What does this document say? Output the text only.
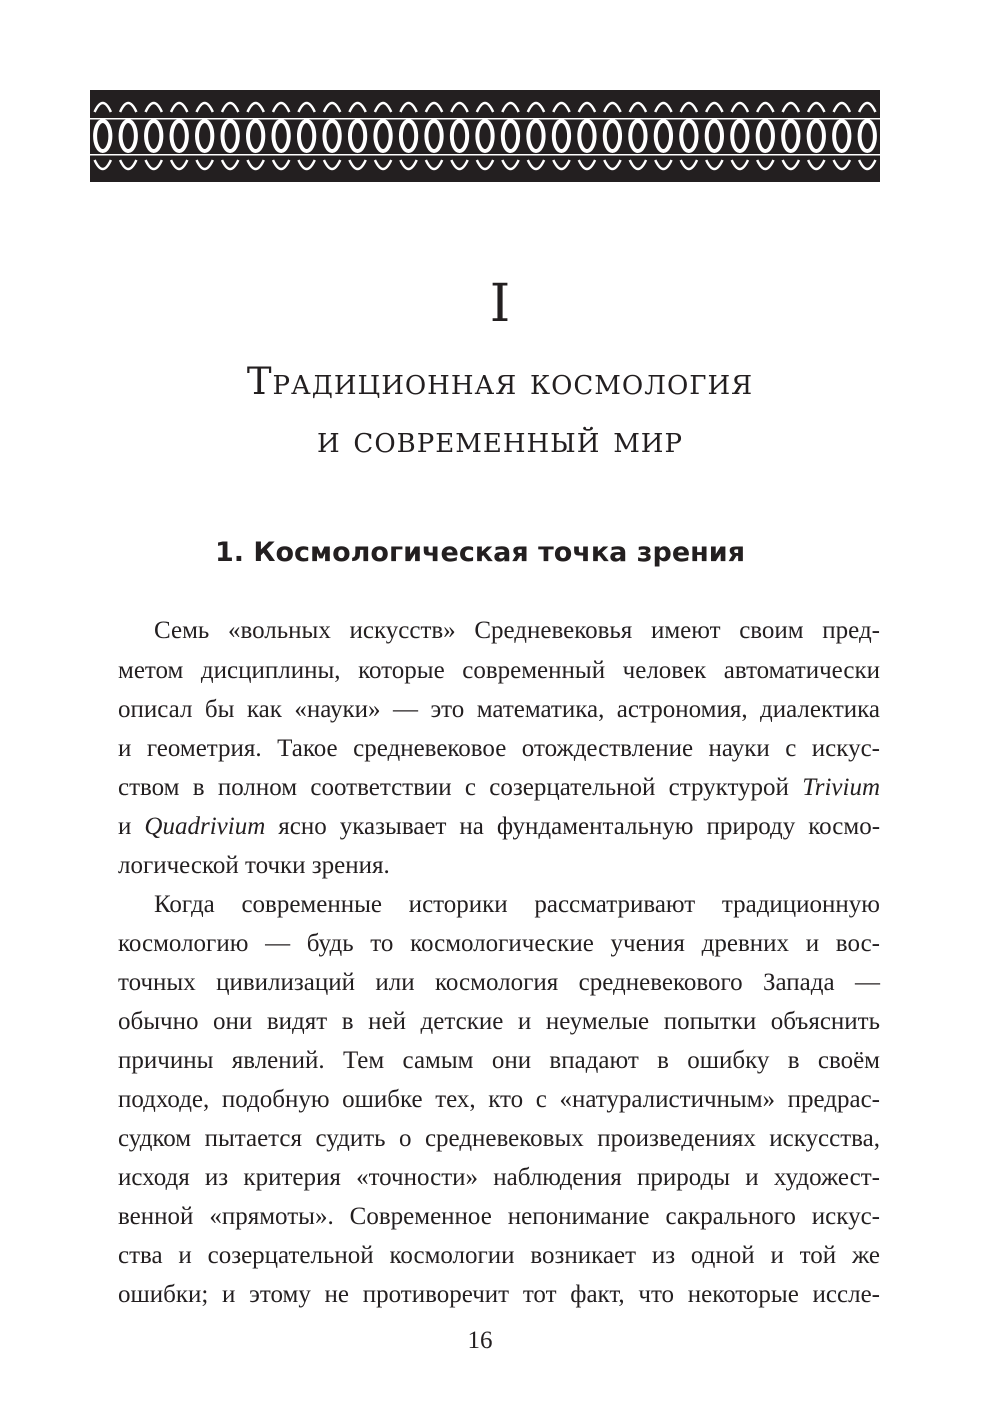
I
Традиционная космология
и современный мир
1. Космологическая точка зрения
Семь «вольных искусств» Средневековья имеют своим пред-
метом дисциплины, которые современный человек автоматически
описал бы как «науки» — это математика, астрономия, диалектика
и геометрия. Такое средневековое отождествление науки с искус-
ством в полном соответствии с созерцательной структурой Trivium
и Quadrivium ясно указывает на фундаментальную природу космо-
логической точки зрения.
Когда современные историки рассматривают традиционную
космологию — будь то космологические учения древних и вос-
точных цивилизаций или космология средневекового Запада —
обычно они видят в ней детские и неумелые попытки объяснить
причины явлений. Тем самым они впадают в ошибку в своём
подходе, подобную ошибке тех, кто с «натуралистичным» предрас-
судком пытается судить о средневековых произведениях искусства,
исходя из критерия «точности» наблюдения природы и художест-
венной «прямоты». Современное непонимание сакрального искус-
ства и созерцательной космологии возникает из одной и той же
ошибки; и этому не противоречит тот факт, что некоторые иссле-
16
